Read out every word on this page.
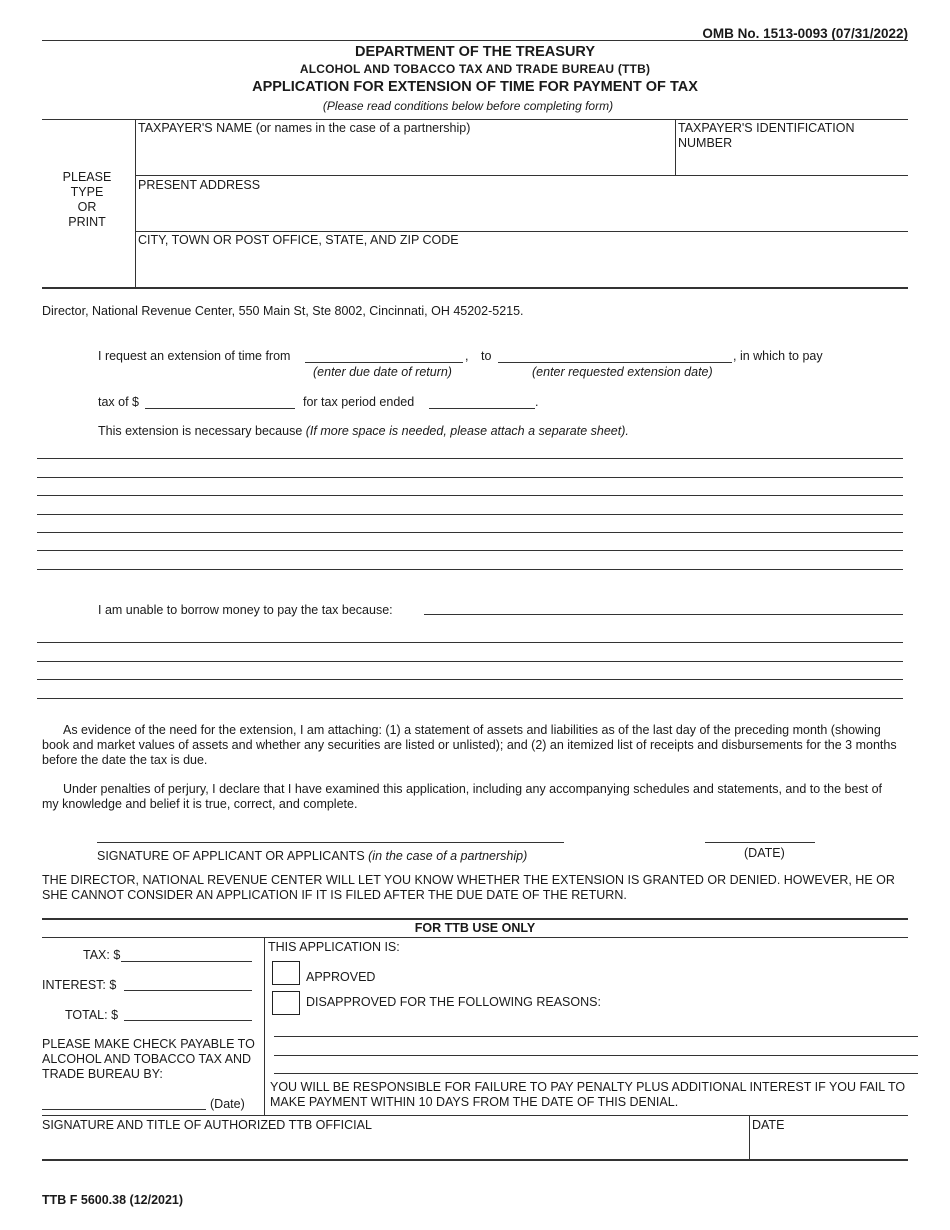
OMB No. 1513-0093 (07/31/2022)
DEPARTMENT OF THE TREASURY
ALCOHOL AND TOBACCO TAX AND TRADE BUREAU (TTB)
APPLICATION FOR EXTENSION OF TIME FOR PAYMENT OF TAX
(Please read conditions below before completing form)
PLEASE
TYPE
OR
PRINT
TAXPAYER'S NAME (or names in the case of a partnership)	TAXPAYER'S IDENTIFICATION
NUMBER
PRESENT ADDRESS
CITY, TOWN OR POST OFFICE, STATE, AND ZIP CODE
Director, National Revenue Center, 550 Main St, Ste 8002, Cincinnati, OH 45202-5215.
I request an extension of time from	, to	, in which to pay
(enter due date of return)	(enter requested extension date)
tax of $	for tax period ended	.
This extension is necessary because (If more space is needed, please attach a separate sheet).
I am unable to borrow money to pay the tax because:
As evidence of the need for the extension, I am attaching: (1) a statement of assets and liabilities as of the last day of the preceding month (showing book and market values of assets and whether any securities are listed or unlisted); and (2) an itemized list of receipts and disbursements for the 3 months before the date the tax is due.
Under penalties of perjury, I declare that I have examined this application, including any accompanying schedules and statements, and to the best of my knowledge and belief it is true, correct, and complete.
SIGNATURE OF APPLICANT OR APPLICANTS (in the case of a partnership)	(DATE)
THE DIRECTOR, NATIONAL REVENUE CENTER WILL LET YOU KNOW WHETHER THE EXTENSION IS GRANTED OR DENIED. HOWEVER, HE OR SHE CANNOT CONSIDER AN APPLICATION IF IT IS FILED AFTER THE DUE DATE OF THE RETURN.
FOR TTB USE ONLY
TAX: $
INTEREST: $
TOTAL: $
PLEASE MAKE CHECK PAYABLE TO ALCOHOL AND TOBACCO TAX AND TRADE BUREAU BY:
(Date)
THIS APPLICATION IS:
APPROVED
DISAPPROVED FOR THE FOLLOWING REASONS:
YOU WILL BE RESPONSIBLE FOR FAILURE TO PAY PENALTY PLUS ADDITIONAL INTEREST IF YOU FAIL TO MAKE PAYMENT WITHIN 10 DAYS FROM THE DATE OF THIS DENIAL.
SIGNATURE AND TITLE OF AUTHORIZED TTB OFFICIAL	DATE
TTB F 5600.38 (12/2021)
